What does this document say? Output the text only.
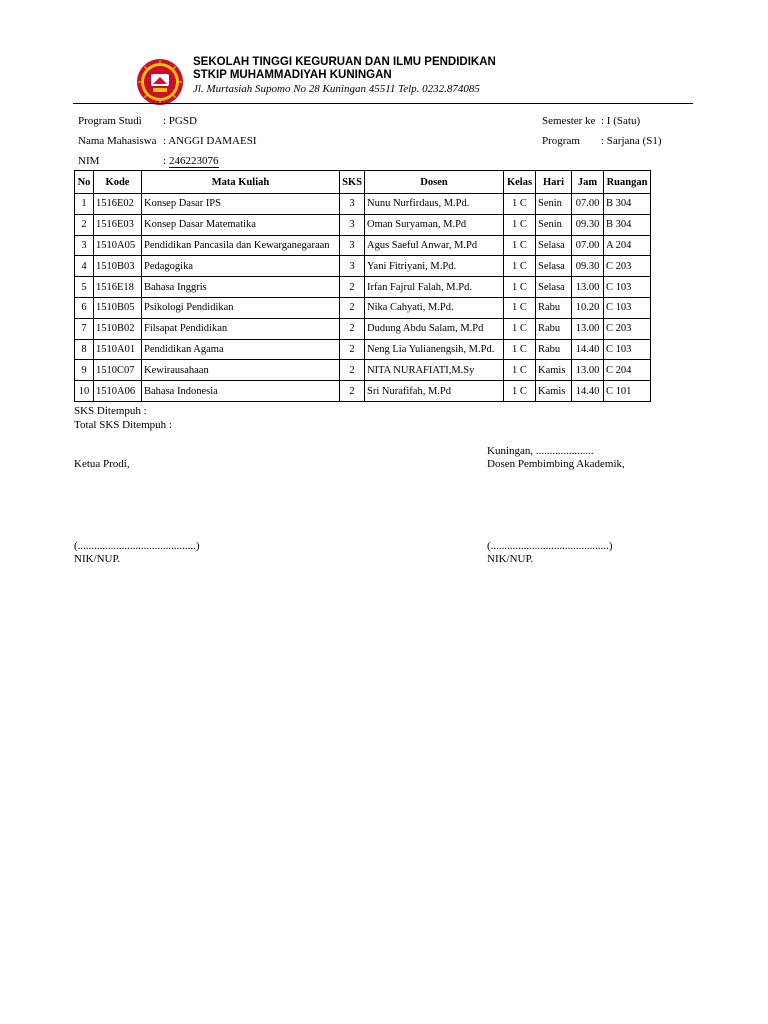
SEKOLAH TINGGI KEGURUAN DAN ILMU PENDIDIKAN
STKIP MUHAMMADIYAH KUNINGAN
Jl. Murtasiah Supomo No 28 Kuningan 45511 Telp. 0232.874085
Program Studi : PGSD
Nama Mahasiswa : ANGGI DAMAESI
NIM	: 246223076
Semester ke : I (Satu)
Program : Sarjana (S1)
No	Kode	Mata Kuliah	SKS	Dosen	Kelas	Hari	Jam	Ruangan
1	1516E02	Konsep Dasar IPS	3	Nunu Nurfirdaus, M.Pd.	1 C	Senin	07.00	B 304
2	1516E03	Konsep Dasar Matematika	3	Oman Suryaman, M.Pd	1 C	Senin	09.30	B 304
3	1510A05	Pendidikan Pancasila dan Kewarganegaraan	3	Agus Saeful Anwar, M.Pd	1 C	Selasa	07.00	A 204
4	1510B03	Pedagogika	3	Yani Fitriyani, M.Pd.	1 C	Selasa	09.30	C 203
5	1516E18	Bahasa Inggris	2	Irfan Fajrul Falah, M.Pd.	1 C	Selasa	13.00	C 103
6	1510B05	Psikologi Pendidikan	2	Nika Cahyati, M.Pd.	1 C	Rabu	10.20	C 103
7	1510B02	Filsapat Pendidikan	2	Dudung Abdu Salam, M.Pd	1 C	Rabu	13.00	C 203
8	1510A01	Pendidikan Agama	2	Neng Lia Yulianengsih, M.Pd.	1 C	Rabu	14.40	C 103
9	1510C07	Kewirausahaan	2	NITA NURAFIATI,M.Sy	1 C	Kamis	13.00	C 204
10	1510A06	Bahasa Indonesia	2	Sri Nurafifah, M.Pd	1 C	Kamis	14.40	C 101
SKS Ditempuh :
Total SKS Ditempuh :
Kuningan, .....................
Ketua Prodi,	Dosen Pembimbing Akademik,
(...........................................)	(...........................................)
NIK/NUP.	NIK/NUP.
